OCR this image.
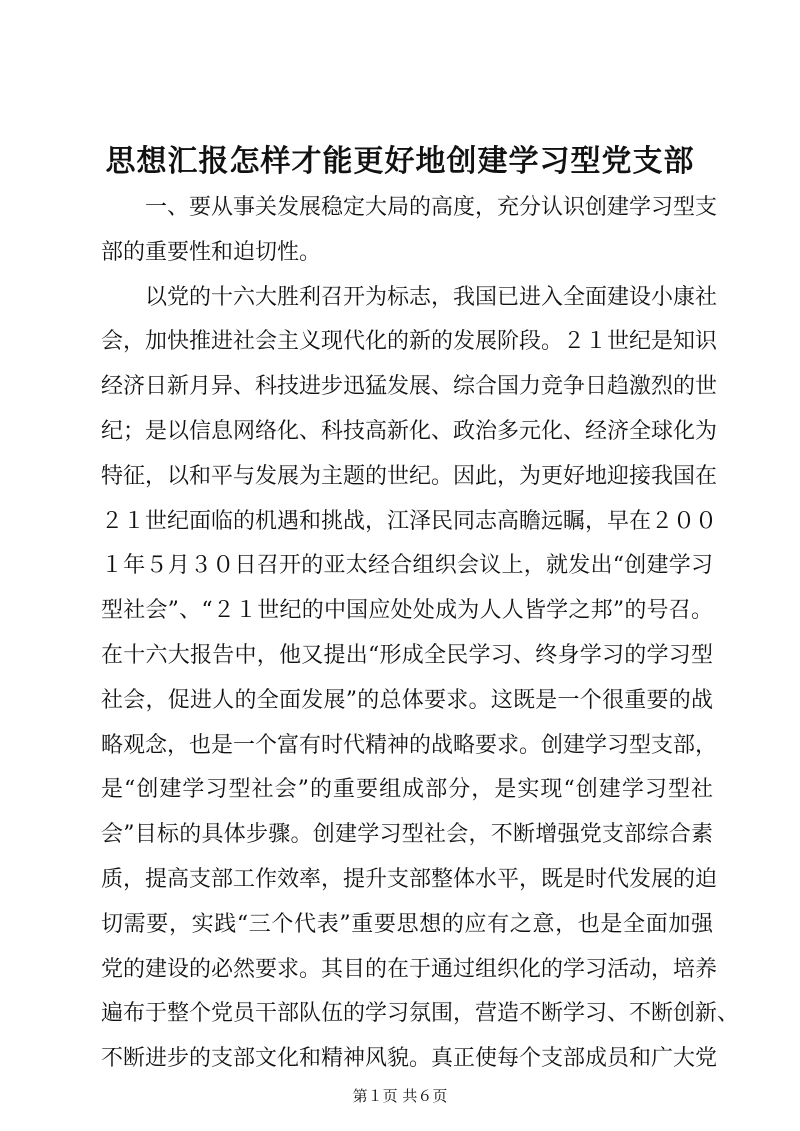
思想汇报怎样才能更好地创建学习型党支部
一、要从事关发展稳定大局的高度，充分认识创建学习型支
部的重要性和迫切性。
以党的十六大胜利召开为标志，我国已进入全面建设小康社
会，加快推进社会主义现代化的新的发展阶段。２１世纪是知识
经济日新月异、科技进步迅猛发展、综合国力竞争日趋激烈的世
纪；是以信息网络化、科技高新化、政治多元化、经济全球化为
特征，以和平与发展为主题的世纪。因此，为更好地迎接我国在
２１世纪面临的机遇和挑战，江泽民同志高瞻远瞩，早在２００
１年５月３０日召开的亚太经合组织会议上，就发出“创建学习
型社会”、“２１世纪的中国应处处成为人人皆学之邦”的号召。
在十六大报告中，他又提出“形成全民学习、终身学习的学习型
社会，促进人的全面发展”的总体要求。这既是一个很重要的战
略观念，也是一个富有时代精神的战略要求。创建学习型支部，
是“创建学习型社会”的重要组成部分，是实现“创建学习型社
会”目标的具体步骤。创建学习型社会，不断增强党支部综合素
质，提高支部工作效率，提升支部整体水平，既是时代发展的迫
切需要，实践“三个代表”重要思想的应有之意，也是全面加强
党的建设的必然要求。其目的在于通过组织化的学习活动，培养
遍布于整个党员干部队伍的学习氛围，营造不断学习、不断创新、
不断进步的支部文化和精神风貌。真正使每个支部成员和广大党
第１页 共６页
